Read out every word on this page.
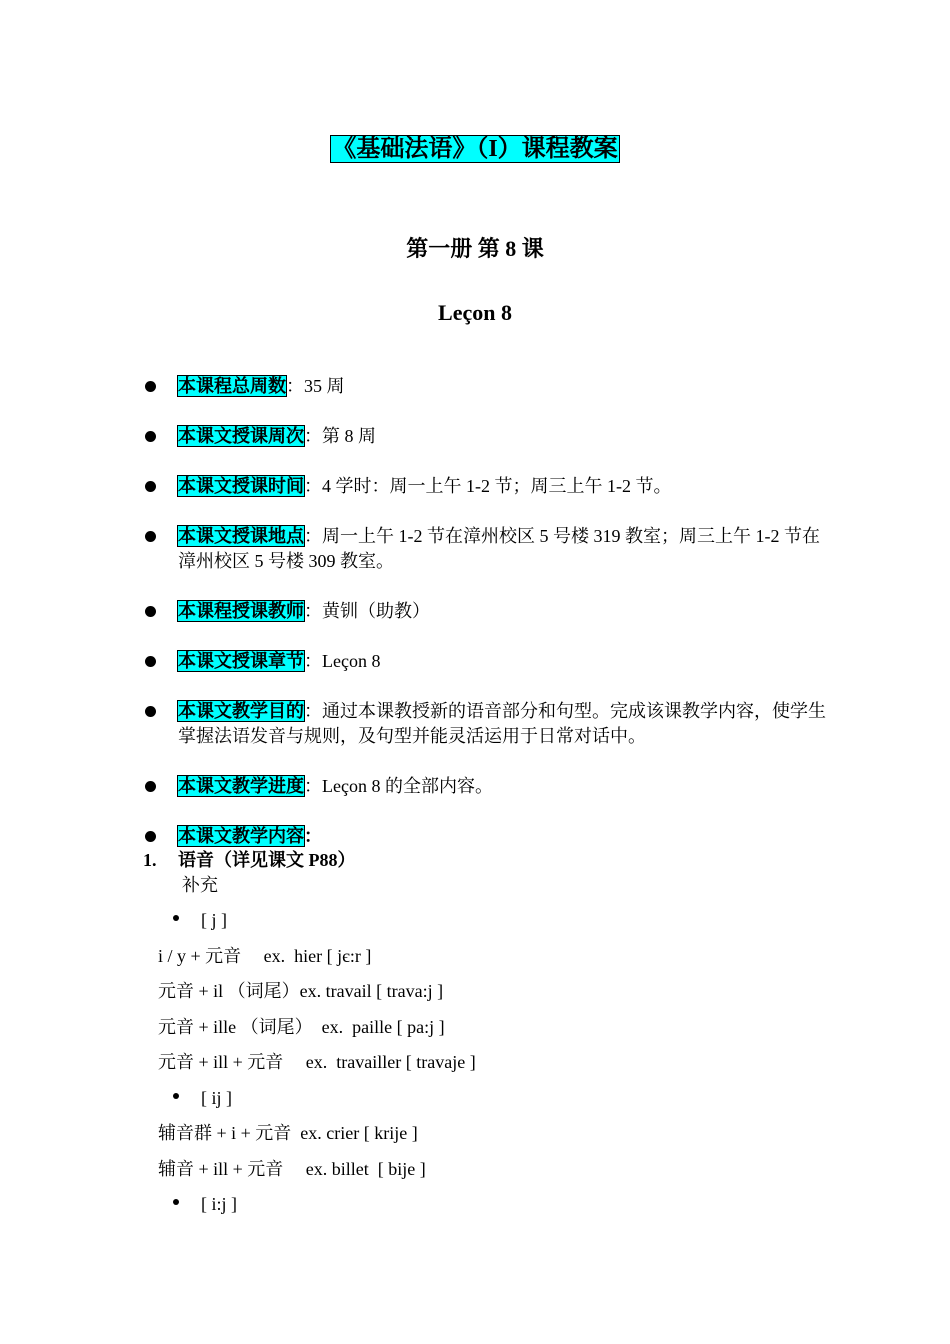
《基础法语》（I）课程教案
第一册 第 8 课
Leçon 8
本课程总周数：35 周
本课文授课周次：第 8 周
本课文授课时间：4 学时：周一上午 1-2 节；周三上午 1-2 节。
本课文授课地点：周一上午 1-2 节在漳州校区 5 号楼 319 教室；周三上午 1-2 节在漳州校区 5 号楼 309 教室。
本课程授课教师：黄钏（助教）
本课文授课章节：Leçon 8
本课文教学目的：通过本课教授新的语音部分和句型。完成该课教学内容，使学生掌握法语发音与规则，及句型并能灵活运用于日常对话中。
本课文教学进度：Leçon 8 的全部内容。
本课文教学内容：
1. 语音（详见课文 P88）
补充
[ j ]
i / y + 元音     ex.  hier [ jє:r ]
元音 + il （词尾）ex. travail [ trava:j ]
元音 + ille （词尾）  ex.  paille [ pa:j ]
元音 + ill + 元音     ex.  travailler [ travaje ]
[ ij ]
辅音群 + i + 元音  ex. crier [ krije ]
辅音 + ill + 元音     ex. billet  [ bije ]
[ i:j ]
